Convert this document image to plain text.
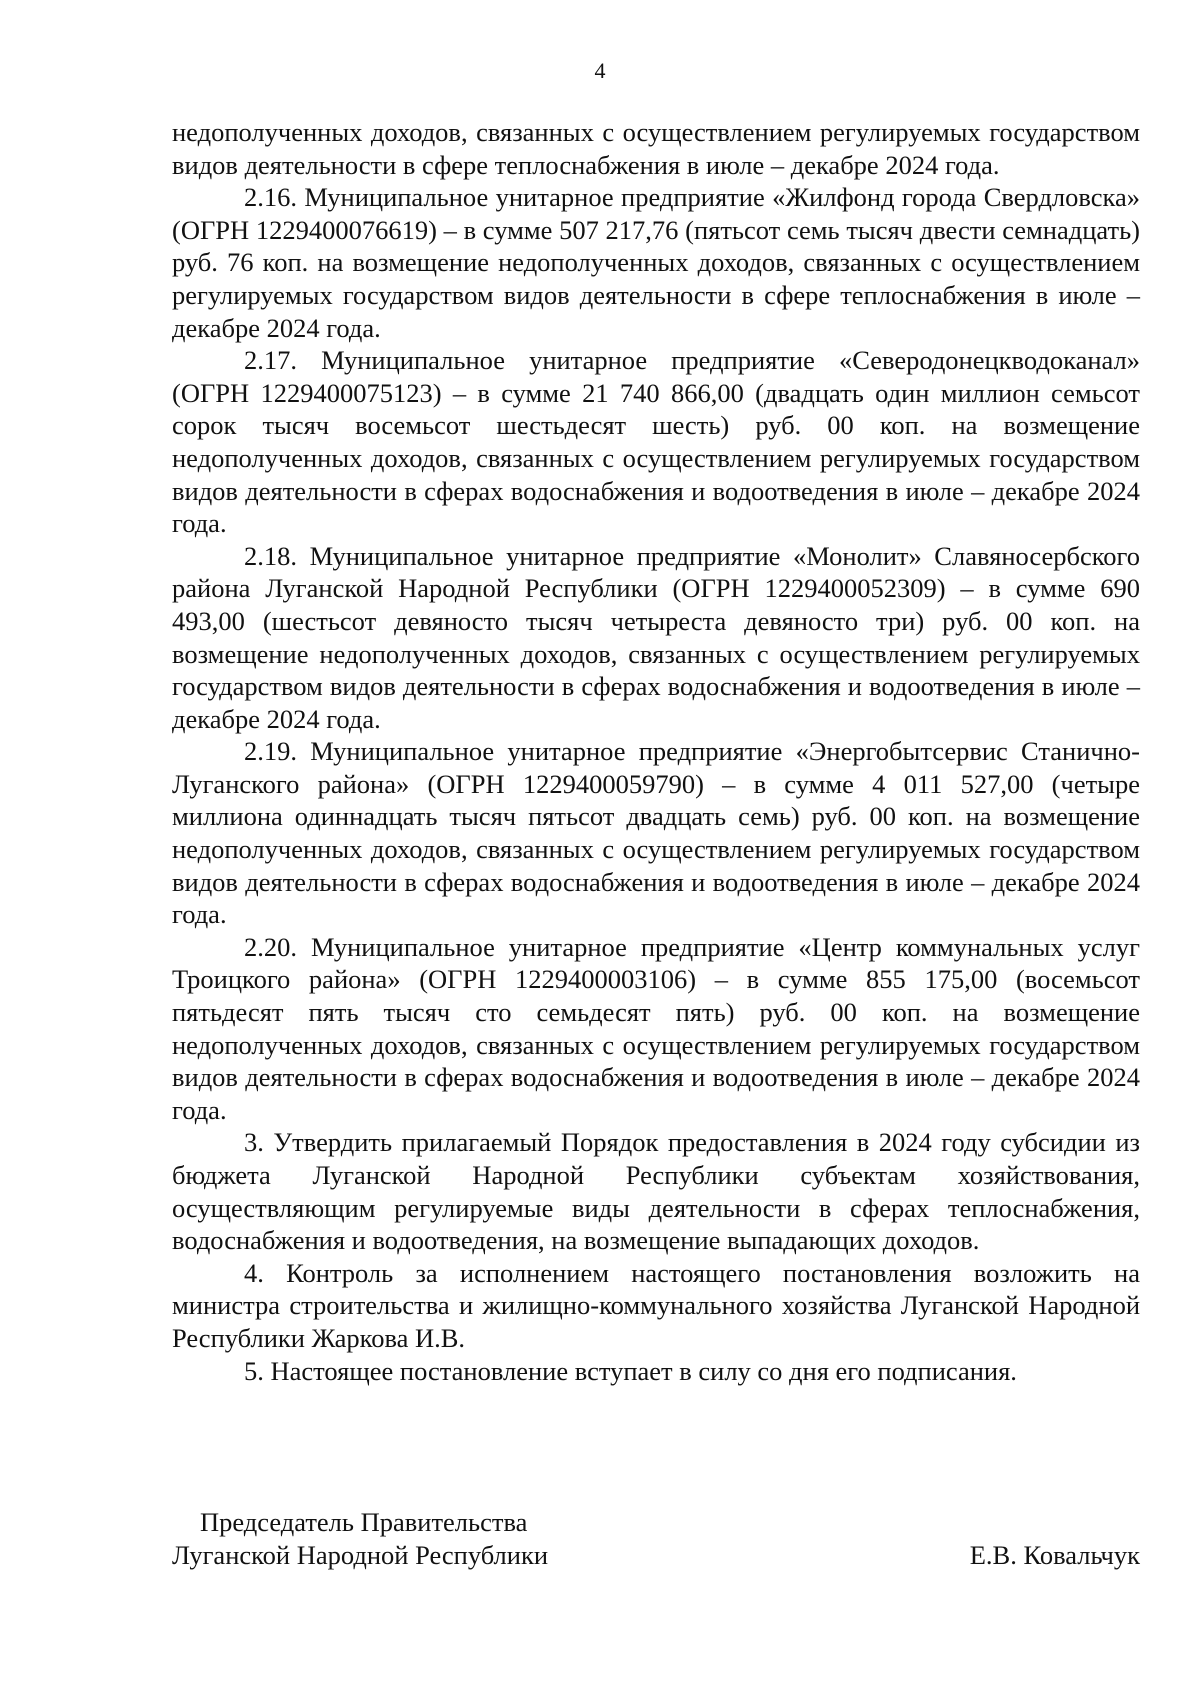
4

недополученных доходов, связанных с осуществлением регулируемых государством видов деятельности в сфере теплоснабжения в июле – декабре 2024 года.

2.16. Муниципальное унитарное предприятие «Жилфонд города Свердловска» (ОГРН 1229400076619) – в сумме 507 217,76 (пятьсот семь тысяч двести семнадцать) руб. 76 коп. на возмещение недополученных доходов, связанных с осуществлением регулируемых государством видов деятельности в сфере теплоснабжения в июле – декабре 2024 года.

2.17. Муниципальное унитарное предприятие «Северодонецкводоканал» (ОГРН 1229400075123) – в сумме 21 740 866,00 (двадцать один миллион семьсот сорок тысяч восемьсот шестьдесят шесть) руб. 00 коп. на возмещение недополученных доходов, связанных с осуществлением регулируемых государством видов деятельности в сферах водоснабжения и водоотведения в июле – декабре 2024 года.

2.18. Муниципальное унитарное предприятие «Монолит» Славяносербского района Луганской Народной Республики (ОГРН 1229400052309) – в сумме 690 493,00 (шестьсот девяносто тысяч четыреста девяносто три) руб. 00 коп. на возмещение недополученных доходов, связанных с осуществлением регулируемых государством видов деятельности в сферах водоснабжения и водоотведения в июле – декабре 2024 года.

2.19. Муниципальное унитарное предприятие «Энергобытсервис Станично-Луганского района» (ОГРН 1229400059790) – в сумме 4 011 527,00 (четыре миллиона одиннадцать тысяч пятьсот двадцать семь) руб. 00 коп. на возмещение недополученных доходов, связанных с осуществлением регулируемых государством видов деятельности в сферах водоснабжения и водоотведения в июле – декабре 2024 года.

2.20. Муниципальное унитарное предприятие «Центр коммунальных услуг Троицкого района» (ОГРН 1229400003106) – в сумме 855 175,00 (восемьсот пятьдесят пять тысяч сто семьдесят пять) руб. 00 коп. на возмещение недополученных доходов, связанных с осуществлением регулируемых государством видов деятельности в сферах водоснабжения и водоотведения в июле – декабре 2024 года.

3. Утвердить прилагаемый Порядок предоставления в 2024 году субсидии из бюджета Луганской Народной Республики субъектам хозяйствования, осуществляющим регулируемые виды деятельности в сферах теплоснабжения, водоснабжения и водоотведения, на возмещение выпадающих доходов.

4. Контроль за исполнением настоящего постановления возложить на министра строительства и жилищно-коммунального хозяйства Луганской Народной Республики Жаркова И.В.

5. Настоящее постановление вступает в силу со дня его подписания.

Председатель Правительства
Луганской Народной Республики	Е.В. Ковальчук
